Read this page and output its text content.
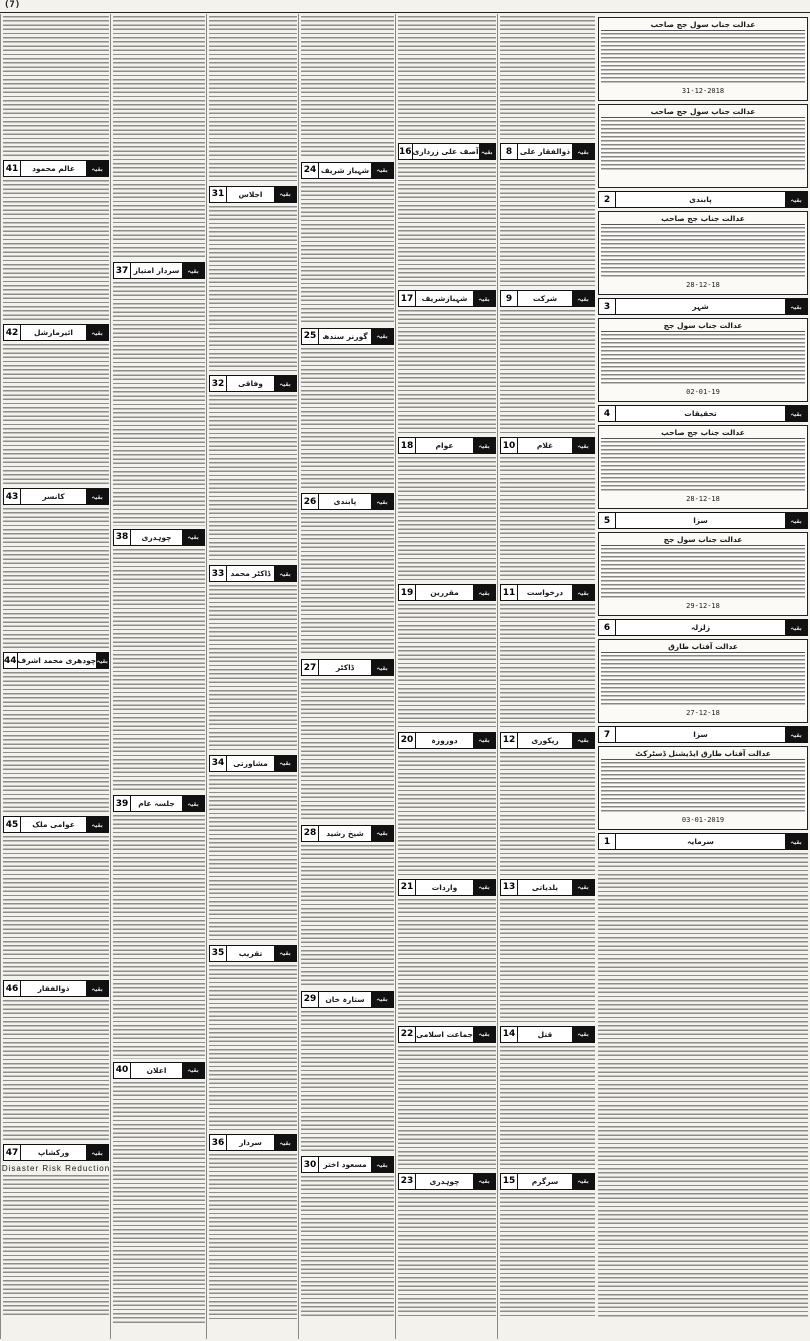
(7)
41	عالم محمود	بقیہ
42	ائیرمارشل	بقیہ
43	کانسر	بقیہ
44 چودھری محمد اشرف بقیہ
45	عوامی ملک	بقیہ
46	ذوالفقار	بقیہ
47	ورکشاپ	بقیہ
Disaster Risk Reduction
37 سردار امتیاز	بقیہ
38	چوہدری	بقیہ
39	جلسہ عام	بقیہ
40	اعلان	بقیہ
31	اجلاس	بقیہ
32	وفاقی	بقیہ
33 ڈاکٹر محمد	بقیہ
34	مشاورتی	بقیہ
35	تقریب	بقیہ
36	سردار	بقیہ
24 شہباز شریف بقیہ
25 گورنر سندھ	بقیہ
26	پابندی	بقیہ
27	ڈاکٹر	بقیہ
28	شیخ رشید	بقیہ
29	ستارہ خان	بقیہ
30 مسعود اختر	بقیہ
16 آصف علی زرداری بقیہ
17	شہبازشریف	بقیہ
18	عوام	بقیہ
19	مقررین	بقیہ
20	دوروزہ	بقیہ
21	واردات	بقیہ
22 جماعت اسلامی بقیہ
23	چوہدری	بقیہ
8	ذوالفقار علی	بقیہ
9	شرکت	بقیہ
10	غلام	بقیہ
11	درخواست	بقیہ
12	ریکوری	بقیہ
13	بلدیاتی	بقیہ
14	قتل	بقیہ
15	سرگرم	بقیہ
عدالت جناب سول جج صاحب
31-12-2018
عدالت جناب سول جج صاحب
2	پابندی	بقیہ
عدالت جناب جج صاحب
28-12-18
3	شہر	بقیہ
عدالت جناب سول جج
02-01-19
4	تحقیقات	بقیہ
عدالت جناب جج صاحب
28-12-18
5	سزا	بقیہ
عدالت جناب سول جج
29-12-18
6	زلزلہ	بقیہ
عدالت آفتاب طارق
27-12-18
7	سزا	بقیہ
عدالت آفتاب طارق ایڈیشنل ڈسٹرکٹ
03-01-2019
1	سرمایہ	بقیہ
